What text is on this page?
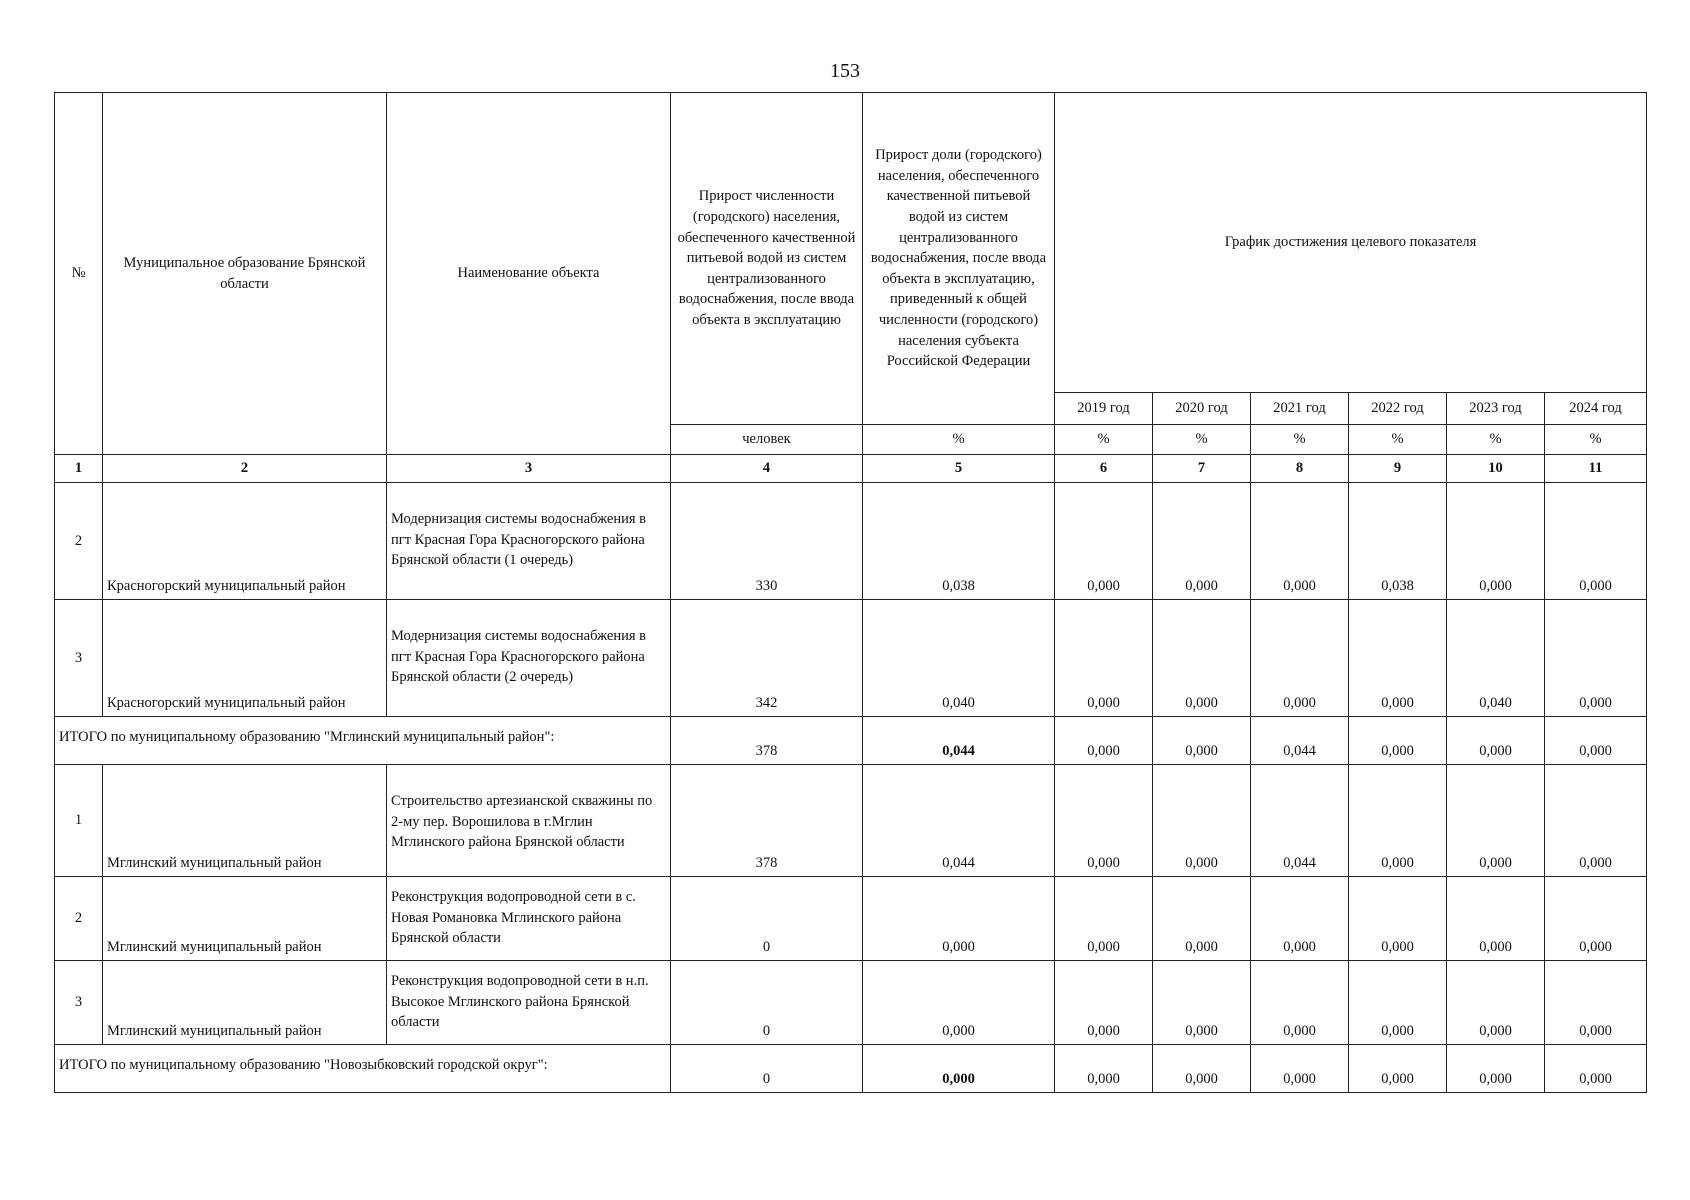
153
№	Муниципальное образование Брянской области	Наименование объекта	Прирост численности (городского) населения, обеспеченного качественной питьевой водой из систем централизованного водоснабжения, после ввода объекта в эксплуатацию	Прирост доли (городского) населения, обеспеченного качественной питьевой водой из систем централизованного водоснабжения, после ввода объекта в эксплуатацию, приведенный к общей численности (городского) населения субъекта Российской Федерации	График достижения целевого показателя					
					2019 год	2020 год	2021 год	2022 год	2023 год	2024 год
			человек	%	%	%	%	%	%	%
1	2	3	4	5	6	7	8	9	10	11
2	Красногорский муниципальный район	Модернизация системы водоснабжения в пгт Красная Гора Красногорского района Брянской области (1 очередь)	330	0,038	0,000	0,000	0,000	0,038	0,000	0,000
3	Красногорский муниципальный район	Модернизация системы водоснабжения в пгт Красная Гора Красногорского района Брянской области (2 очередь)	342	0,040	0,000	0,000	0,000	0,000	0,040	0,000
ИТОГО по муниципальному образованию "Мглинский муниципальный район":			378	0,044	0,000	0,000	0,044	0,000	0,000	0,000
1	Мглинский муниципальный район	Строительство артезианской скважины по 2-му пер. Ворошилова в г.Мглин Мглинского района Брянской области	378	0,044	0,000	0,000	0,044	0,000	0,000	0,000
2	Мглинский муниципальный район	Реконструкция водопроводной сети в с. Новая Романовка Мглинского района Брянской области	0	0,000	0,000	0,000	0,000	0,000	0,000	0,000
3	Мглинский муниципальный район	Реконструкция водопроводной сети в н.п. Высокое Мглинского района Брянской области	0	0,000	0,000	0,000	0,000	0,000	0,000	0,000
ИТОГО по муниципальному образованию "Новозыбковский городской округ":			0	0,000	0,000	0,000	0,000	0,000	0,000	0,000
